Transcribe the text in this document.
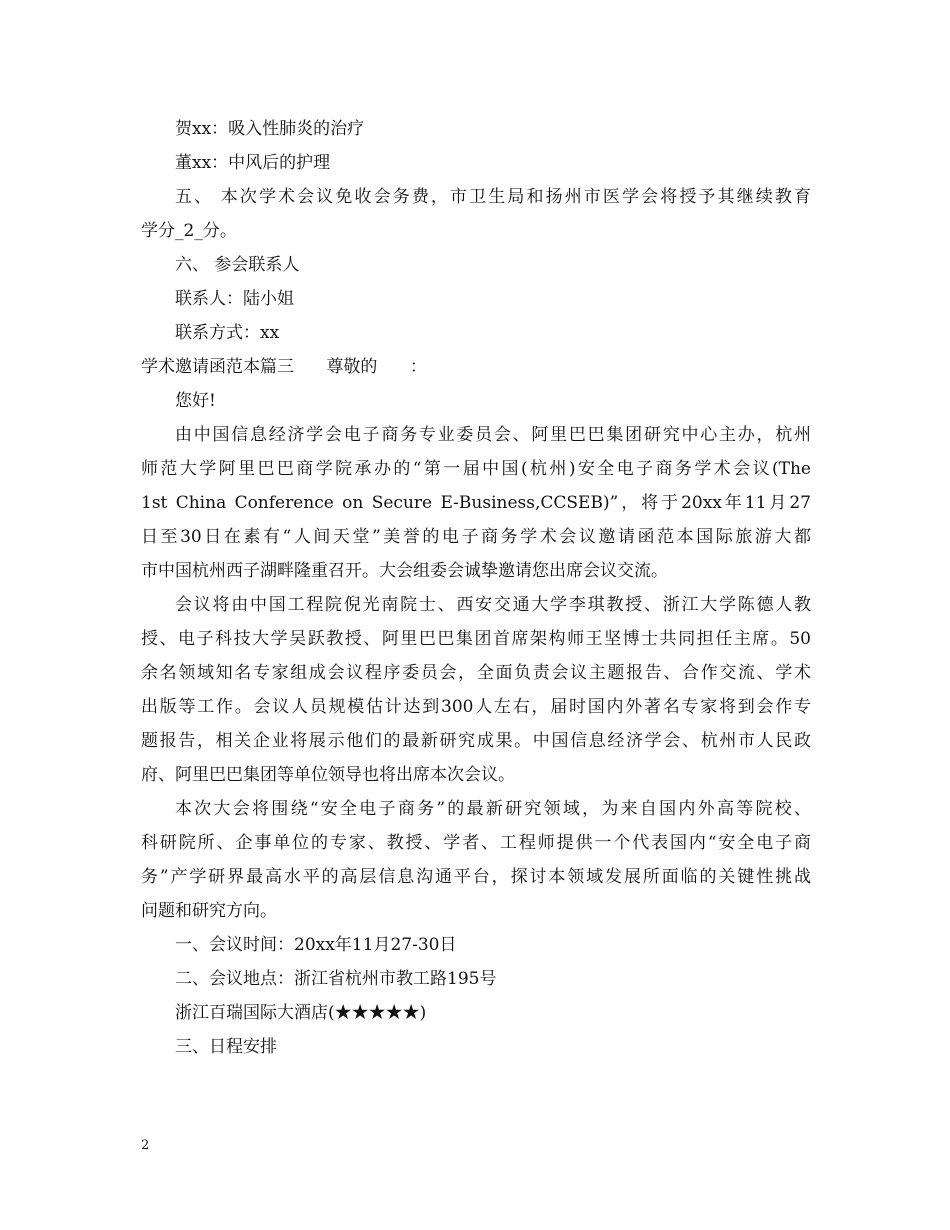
贺xx：吸入性肺炎的治疗
董xx：中风后的护理
五、 本次学术会议免收会务费，市卫生局和扬州市医学会将授予其继续教育
学分_2_分。
六、 参会联系人
联系人：陆小姐
联系方式：xx
学术邀请函范本篇三      尊敬的      ：
您好!
由中国信息经济学会电子商务专业委员会、阿里巴巴集团研究中心主办，杭州
师范大学阿里巴巴商学院承办的“第一届中国(杭州)安全电子商务学术会议(The
1st China Conference on Secure E-Business,CCSEB)”，将于20xx年11月27
日至30日在素有“人间天堂”美誉的电子商务学术会议邀请函范本国际旅游大都
市中国杭州西子湖畔隆重召开。大会组委会诚挚邀请您出席会议交流。
会议将由中国工程院倪光南院士、西安交通大学李琪教授、浙江大学陈德人教
授、电子科技大学吴跃教授、阿里巴巴集团首席架构师王坚博士共同担任主席。50
余名领域知名专家组成会议程序委员会，全面负责会议主题报告、合作交流、学术
出版等工作。会议人员规模估计达到300人左右，届时国内外著名专家将到会作专
题报告，相关企业将展示他们的最新研究成果。中国信息经济学会、杭州市人民政
府、阿里巴巴集团等单位领导也将出席本次会议。
本次大会将围绕“安全电子商务”的最新研究领域，为来自国内外高等院校、
科研院所、企事单位的专家、教授、学者、工程师提供一个代表国内“安全电子商
务”产学研界最高水平的高层信息沟通平台，探讨本领域发展所面临的关键性挑战
问题和研究方向。
一、会议时间：20xx年11月27-30日
二、会议地点：浙江省杭州市教工路195号
浙江百瑞国际大酒店(★★★★★)
三、日程安排
2
